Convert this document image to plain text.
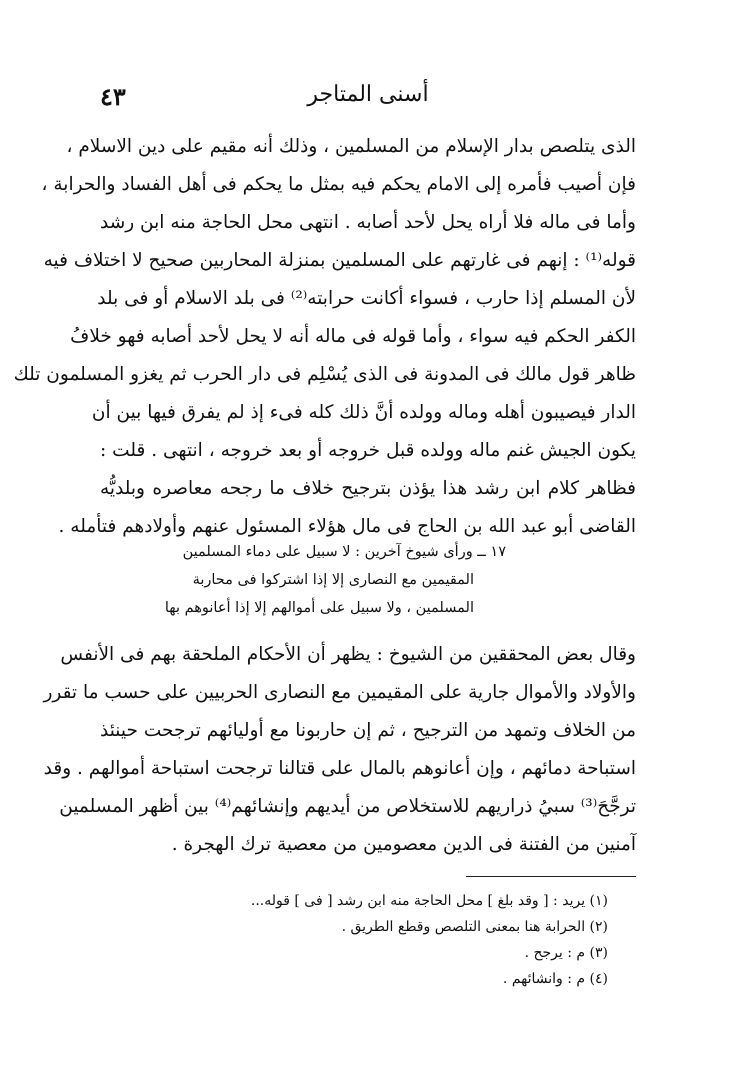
٤٣	أسنى المتاجر

الذى يتلصص بدار الإسلام من المسلمين ، وذلك أنه مقيم على دين الاسلام ،

فإن أصيب فأمره إلى الامام يحكم فيه بمثل ما يحكم فى أهل الفساد والحرابة ،

وأما فى ماله فلا أراه يحل لأحد أصابه . انتهى محل الحاجة منه ابن رشد

قوله⁽¹⁾ : إنهم فى غارتهم على المسلمين بمنزلة المحاربين صحيح لا اختلاف فيه

لأن المسلم إذا حارب ، فسواء أكانت حرابته⁽²⁾ فى بلد الاسلام أو فى بلد

الكفر الحكم فيه سواء ، وأما قوله فى ماله أنه لا يحل لأحد أصابه فهو خلافُ

ظاهر قول مالك فى المدونة فى الذى يُسْلِم فى دار الحرب ثم يغزو المسلمون تلك

الدار فيصيبون أهله وماله وولده أنَّ ذلك كله فىء إذ لم يفرق فيها بين أن

يكون الجيش غنم ماله وولده قبل خروجه أو بعد خروجه ، انتهى . قلت :

فظاهر كلام ابن رشد هذا يؤذن بترجيح خلاف ما رجحه معاصره وبلديُّه

القاضى أبو عبد الله بن الحاج فى مال هؤلاء المسئول عنهم وأولادهم فتأمله .

١٧ ــ ورأى شيوخ آخرين : لا سبيل على دماء المسلمين

المقيمين مع النصارى إلا إذا اشتركوا فى محاربة

المسلمين ، ولا سبيل على أموالهم إلا إذا أعانوهم بها

وقال بعض المحققين من الشيوخ : يظهر أن الأحكام الملحقة بهم فى الأنفس

والأولاد والأموال جارية على المقيمين مع النصارى الحربيين على حسب ما تقرر

من الخلاف وتمهد من الترجيح ، ثم إن حاربونا مع أوليائهم ترجحت حينئذ

استباحة دمائهم ، وإن أعانوهم بالمال على قتالنا ترجحت استباحة أموالهم . وقد

ترجَّحَ⁽³⁾ سبيُ ذراريهم للاستخلاص من أيديهم وإنشائهم⁽⁴⁾ بين أظهر المسلمين

آمنين من الفتنة فى الدين معصومين من معصية ترك الهجرة .

(١) يريد : [ وقد بلغ ] محل الحاجة منه ابن رشد [ فى ] قوله...

(٢) الحرابة هنا بمعنى التلصص وقطع الطريق .

(٣) م : يرجح .

(٤) م : وانشائهم .
